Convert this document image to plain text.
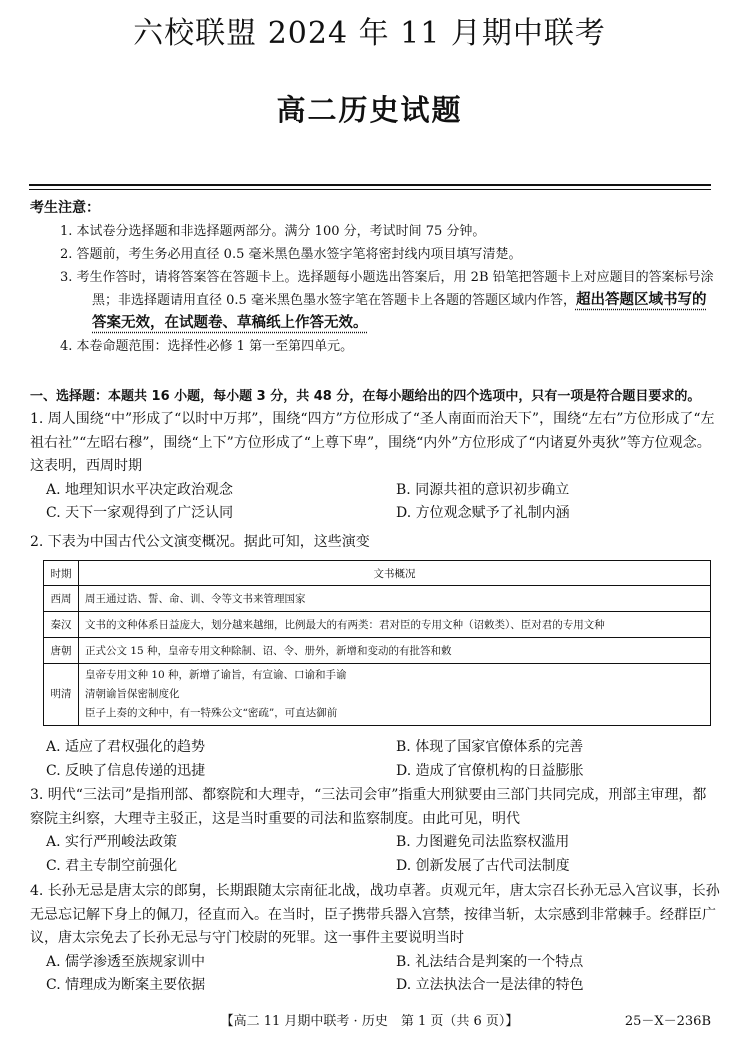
六校联盟 2024 年 11 月期中联考
高二历史试题
考生注意：
1. 本试卷分选择题和非选择题两部分。满分 100 分，考试时间 75 分钟。
2. 答题前，考生务必用直径 0.5 毫米黑色墨水签字笔将密封线内项目填写清楚。
3. 考生作答时，请将答案答在答题卡上。选择题每小题选出答案后，用 2B 铅笔把答题卡上对应题目的答案标号涂黑；非选择题请用直径 0.5 毫米黑色墨水签字笔在答题卡上各题的答题区域内作答，超出答题区域书写的答案无效，在试题卷、草稿纸上作答无效。
4. 本卷命题范围：选择性必修 1 第一至第四单元。
一、选择题：本题共 16 小题，每小题 3 分，共 48 分，在每小题给出的四个选项中，只有一项是符合题目要求的。
1. 周人围绕“中”形成了“以时中万邦”，围绕“四方”方位形成了“圣人南面而治天下”，围绕“左右”方位形成了“左祖右社”“左昭右穆”，围绕“上下”方位形成了“上尊下卑”，围绕“内外”方位形成了“内诸夏外夷狄”等方位观念。这表明，西周时期
A. 地理知识水平决定政治观念	B. 同源共祖的意识初步确立
C. 天下一家观得到了广泛认同	D. 方位观念赋予了礼制内涵
2. 下表为中国古代公文演变概况。据此可知，这些演变
时期	文书概况
西周	周王通过诰、誓、命、训、令等文书来管理国家
秦汉	文书的文种体系日益庞大，划分越来越细，比例最大的有两类：君对臣的专用文种（诏敕类）、臣对君的专用文种
唐朝	正式公文 15 种，皇帝专用文种除制、诏、令、册外，新增和变动的有批答和敕
明清	皇帝专用文种 10 种，新增了谕旨，有宣谕、口谕和手谕
清朝谕旨保密制度化
臣子上奏的文种中，有一特殊公文“密疏”，可直达御前
A. 适应了君权强化的趋势	B. 体现了国家官僚体系的完善
C. 反映了信息传递的迅捷	D. 造成了官僚机构的日益膨胀
3. 明代“三法司”是指刑部、都察院和大理寺，“三法司会审”指重大刑狱要由三部门共同完成，刑部主审理，都察院主纠察，大理寺主驳正，这是当时重要的司法和监察制度。由此可见，明代
A. 实行严刑峻法政策	B. 力图避免司法监察权滥用
C. 君主专制空前强化	D. 创新发展了古代司法制度
4. 长孙无忌是唐太宗的郎舅，长期跟随太宗南征北战，战功卓著。贞观元年，唐太宗召长孙无忌入宫议事，长孙无忌忘记解下身上的佩刀，径直而入。在当时，臣子携带兵器入宫禁，按律当斩，太宗感到非常棘手。经群臣广议，唐太宗免去了长孙无忌与守门校尉的死罪。这一事件主要说明当时
A. 儒学渗透至族规家训中	B. 礼法结合是判案的一个特点
C. 情理成为断案主要依据	D. 立法执法合一是法律的特色
【高二 11 月期中联考 · 历史　第 1 页（共 6 页）】	25－X－236B
